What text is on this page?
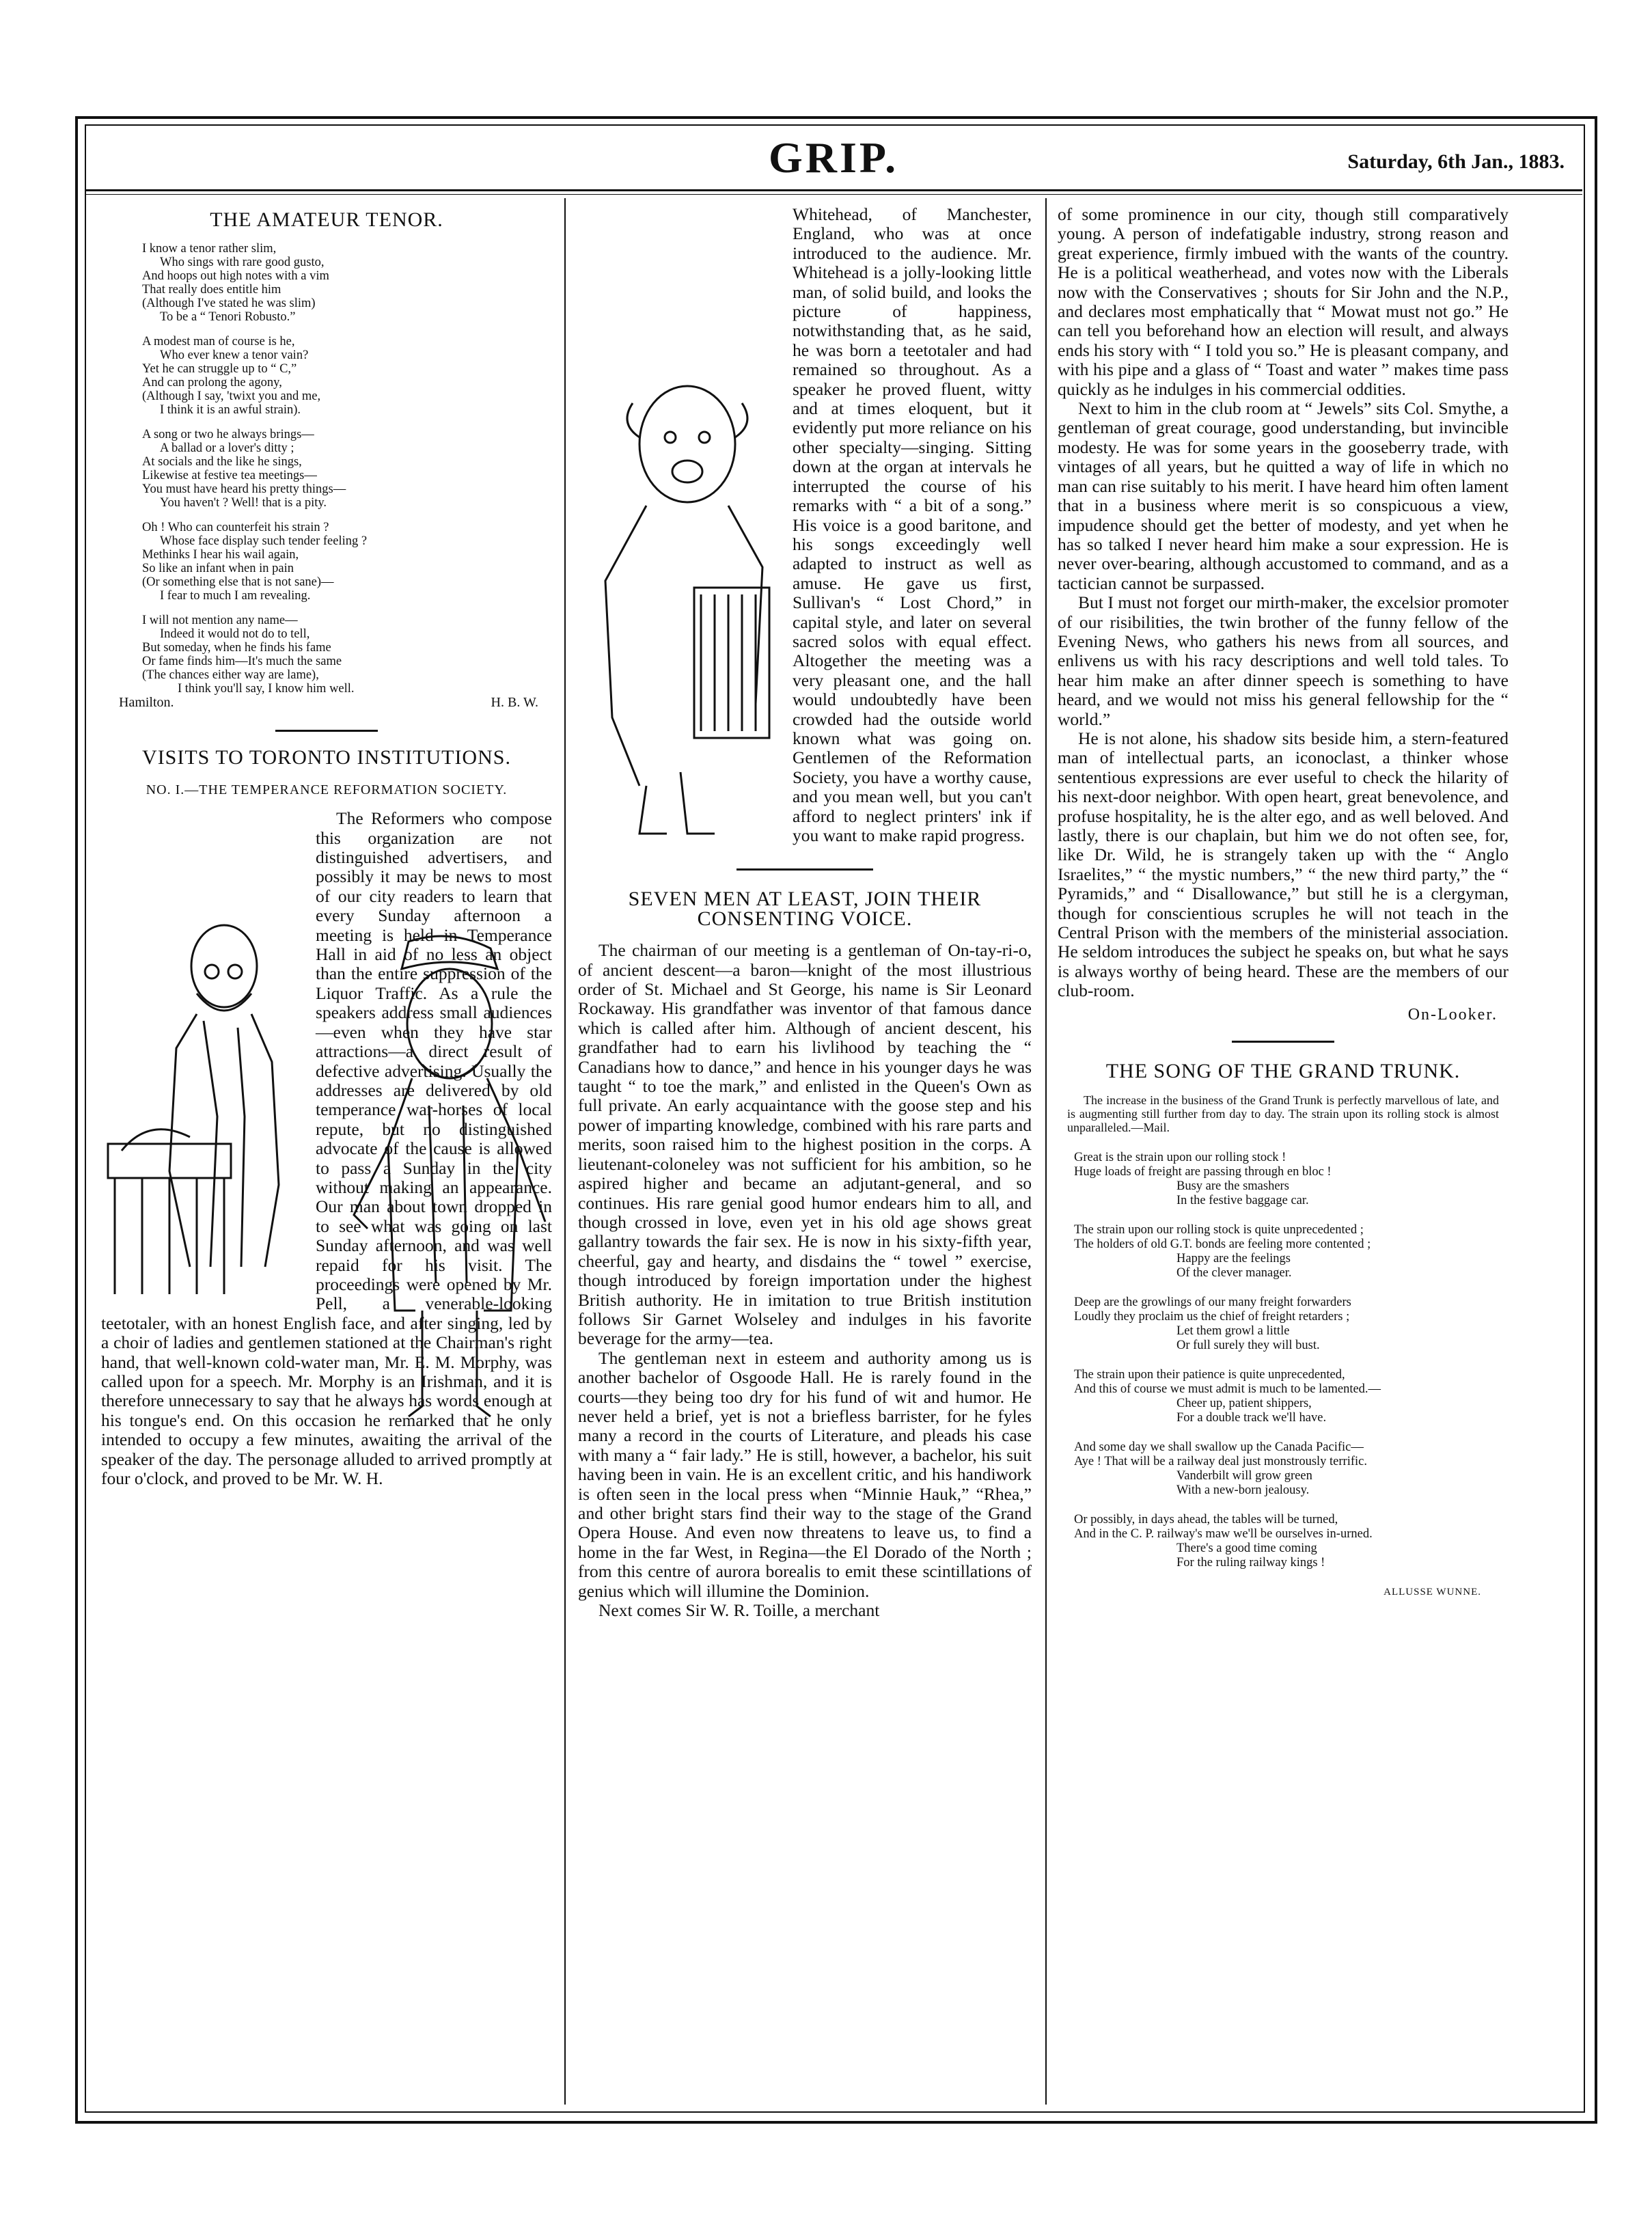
GRIP.	Saturday, 6th Jan., 1883.
THE AMATEUR TENOR.
I know a tenor rather slim,
Who sings with rare good gusto,
And hoops out high notes with a vim
That really does entitle him
(Although I've stated he was slim)
To be a “ Tenori Robusto.”
A modest man of course is he,
Who ever knew a tenor vain?
Yet he can struggle up to “ C,”
And can prolong the agony,
(Although I say, 'twixt you and me,
I think it is an awful strain).
A song or two he always brings—
A ballad or a lover's ditty ;
At socials and the like he sings,
Likewise at festive tea meetings—
You must have heard his pretty things—
You haven't ? Well! that is a pity.
Oh ! Who can counterfeit his strain ?
Whose face display such tender feeling ?
Methinks I hear his wail again,
So like an infant when in pain
(Or something else that is not sane)—
I fear to much I am revealing.
I will not mention any name—
Indeed it would not do to tell,
But someday, when he finds his fame
Or fame finds him—It's much the same
(The chances either way are lame),
I think you'll say, I know him well.
Hamilton.	H. B. W.
VISITS TO TORONTO INSTITUTIONS.
NO. I.—THE TEMPERANCE REFORMATION SOCIETY.

The Reformers who compose this organization are not distinguished advertisers, and possibly it may be news to most of our city readers to learn that every Sunday afternoon a meeting is held in Temperance Hall in aid of no less an object than the entire suppression of the Liquor Traffic. As a rule the speakers address small audiences—even when they have star attractions—a direct result of defective advertising. Usually the addresses are delivered by old temperance war-horses of local repute, but no distinguished advocate of the cause is allowed to pass a Sunday in the city without making an appearance. Our man about town dropped in to see what was going on last Sunday afternoon, and was well repaid for his visit. The proceedings were opened by Mr. Pell, a venerable-looking teetotaler, with an honest English face, and after singing, led by a choir of ladies and gentlemen stationed at the Chairman's right hand, that well-known cold-water man, Mr. E. M. Morphy, was called upon for a speech. Mr. Morphy is an Irishman, and it is therefore unnecessary to say that he always has words enough at his tongue's end. On this occasion he remarked that he only intended to occupy a few minutes, awaiting the arrival of the speaker of the day. The personage alluded to arrived promptly at four o'clock, and proved to be Mr. W. H.

Whitehead, of Manchester, England, who was at once introduced to the audience. Mr. Whitehead is a jolly-looking little man, of solid build, and looks the picture of happiness, notwithstanding that, as he said, he was born a teetotaler and had remained so throughout. As a speaker he proved fluent, witty and at times eloquent, but it evidently put more reliance on his other specialty—singing. Sitting down at the organ at intervals he interrupted the course of his remarks with “ a bit of a song.” His voice is a good baritone, and his songs exceedingly well adapted to instruct as well as amuse. He gave us first, Sullivan's “ Lost Chord,” in capital style, and later on several sacred solos with equal effect. Altogether the meeting was a very pleasant one, and the hall would undoubtedly have been crowded had the outside world known what was going on. Gentlemen of the Reformation Society, you have a worthy cause, and you mean well, but you can't afford to neglect printers' ink if you want to make rapid progress.

SEVEN MEN AT LEAST, JOIN THEIR CONSENTING VOICE.

The chairman of our meeting is a gentleman of On-tay-ri-o, of ancient descent—a baron—knight of the most illustrious order of St. Michael and St George, his name is Sir Leonard Rockaway. His grandfather was inventor of that famous dance which is called after him. Although of ancient descent, his grandfather had to earn his livlihood by teaching the “ Canadians how to dance,” and hence in his younger days he was taught “ to toe the mark,” and enlisted in the Queen's Own as full private. An early acquaintance with the goose step and his power of imparting knowledge, combined with his rare parts and merits, soon raised him to the highest position in the corps. A lieutenant-coloneley was not sufficient for his ambition, so he aspired higher and became an adjutant-general, and so continues. His rare genial good humor endears him to all, and though crossed in love, even yet in his old age shows great gallantry towards the fair sex. He is now in his sixty-fifth year, cheerful, gay and hearty, and disdains the “ towel ” exercise, though introduced by foreign importation under the highest British authority. He in imitation to true British institution follows Sir Garnet Wolseley and indulges in his favorite beverage for the army—tea.

The gentleman next in esteem and authority among us is another bachelor of Osgoode Hall. He is rarely found in the courts—they being too dry for his fund of wit and humor. He never held a brief, yet is not a briefless barrister, for he fyles many a record in the courts of Literature, and pleads his case with many a “ fair lady.” He is still, however, a bachelor, his suit having been in vain. He is an excellent critic, and his handiwork is often seen in the local press when “Minnie Hauk,” “Rhea,” and other bright stars find their way to the stage of the Grand Opera House. And even now threatens to leave us, to find a home in the far West, in Regina—the El Dorado of the North ; from this centre of aurora borealis to emit these scintillations of genius which will illumine the Dominion.

Next comes Sir W. R. Toille, a merchant

of some prominence in our city, though still comparatively young. A person of indefatigable industry, strong reason and great experience, firmly imbued with the wants of the country. He is a political weatherhead, and votes now with the Liberals now with the Conservatives ; shouts for Sir John and the N.P., and declares most emphatically that “ Mowat must not go.” He can tell you beforehand how an election will result, and always ends his story with “ I told you so.” He is pleasant company, and with his pipe and a glass of “ Toast and water ” makes time pass quickly as he indulges in his commercial oddities.

Next to him in the club room at “ Jewels” sits Col. Smythe, a gentleman of great courage, good understanding, but invincible modesty. He was for some years in the gooseberry trade, with vintages of all years, but he quitted a way of life in which no man can rise suitably to his merit. I have heard him often lament that in a business where merit is so conspicuous a view, impudence should get the better of modesty, and yet when he has so talked I never heard him make a sour expression. He is never over-bearing, although accustomed to command, and as a tactician cannot be surpassed.

But I must not forget our mirth-maker, the excelsior promoter of our risibilities, the twin brother of the funny fellow of the Evening News, who gathers his news from all sources, and enlivens us with his racy descriptions and well told tales. To hear him make an after dinner speech is something to have heard, and we would not miss his general fellowship for the “ world.”

He is not alone, his shadow sits beside him, a stern-featured man of intellectual parts, an iconoclast, a thinker whose sententious expressions are ever useful to check the hilarity of his next-door neighbor. With open heart, great benevolence, and profuse hospitality, he is the alter ego, and as well beloved. And lastly, there is our chaplain, but him we do not often see, for, like Dr. Wild, he is strangely taken up with the “ Anglo Israelites,” “ the mystic numbers,” “ the new third party,” the “ Pyramids,” and “ Disallowance,” but still he is a clergyman, though for conscientious scruples he will not teach in the Central Prison with the members of the ministerial association. He seldom introduces the subject he speaks on, but what he says is always worthy of being heard. These are the members of our club-room.

On-Looker.
THE SONG OF THE GRAND TRUNK.
The increase in the business of the Grand Trunk is perfectly marvellous of late, and is augmenting still further from day to day. The strain upon its rolling stock is almost unparalleled.—Mail.
Great is the strain upon our rolling stock !
Huge loads of freight are passing through en bloc !
Busy are the smashers
In the festive baggage car.
The strain upon our rolling stock is quite unprecedented ;
The holders of old G.T. bonds are feeling more contented ;
Happy are the feelings
Of the clever manager.
Deep are the growlings of our many freight forwarders
Loudly they proclaim us the chief of freight retarders ;
Let them growl a little
Or full surely they will bust.
The strain upon their patience is quite unprecedented,
And this of course we must admit is much to be lamented.—
Cheer up, patient shippers,
For a double track we'll have.
And some day we shall swallow up the Canada Pacific—
Aye ! That will be a railway deal just monstrously terrific.
Vanderbilt will grow green
With a new-born jealousy.
Or possibly, in days ahead, the tables will be turned,
And in the C. P. railway's maw we'll be ourselves in-urned.
There's a good time coming
For the ruling railway kings !
ALLUSSE WUNNE.
